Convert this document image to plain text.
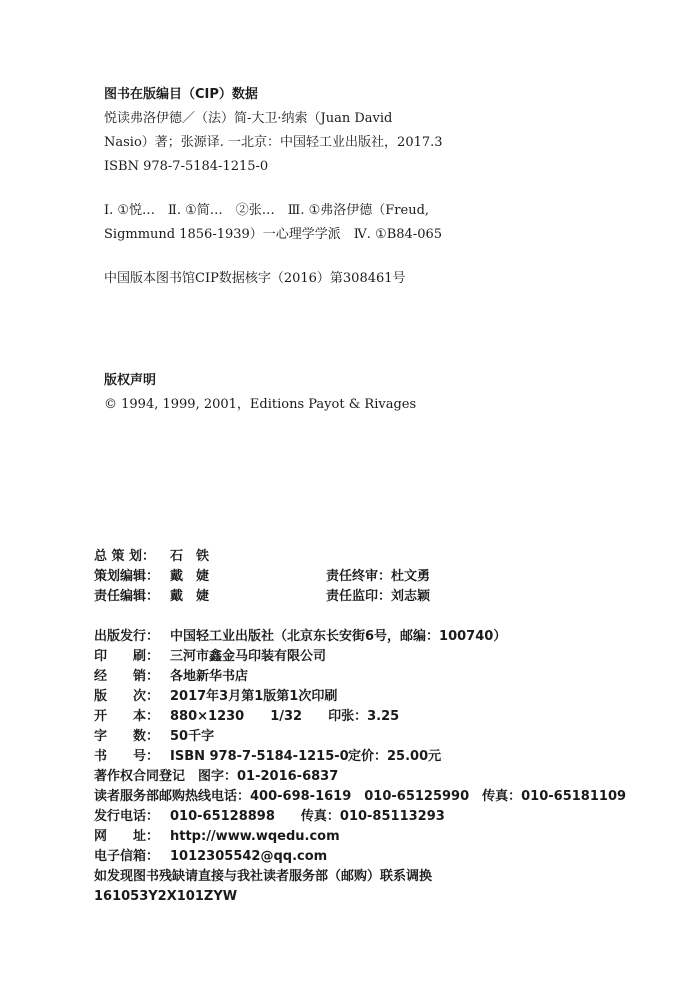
图书在版编目（CIP）数据
悦读弗洛伊德／（法）简-大卫·纳索（Juan David
Nasio）著；张源译. 一北京：中国轻工业出版社，2017.3
ISBN 978-7-5184-1215-0
Ⅰ. ①悦…　Ⅱ. ①简…　②张…　Ⅲ. ①弗洛伊德（Freud,
Sigmmund 1856-1939）一心理学学派　Ⅳ. ①B84-065
中国版本图书馆CIP数据核字（2016）第308461号
版权声明
© 1994, 1999, 2001，Editions Payot & Rivages
总 策 划： 石　铁
策划编辑： 戴　婕	责任终审：杜文勇
责任编辑： 戴　婕	责任监印：刘志颖
出版发行： 中国轻工业出版社（北京东长安街6号，邮编：100740）
印　　刷： 三河市鑫金马印装有限公司
经　　销： 各地新华书店
版　　次： 2017年3月第1版第1次印刷
开　　本： 880×1230　　1/32　　印张：3.25
字　　数： 50千字
书　　号： ISBN 978-7-5184-1215-0 定价：25.00元
著作权合同登记　图字：01-2016-6837
读者服务部邮购热线电话：400-698-1619　010-65125990　传真：010-65181109
发行电话： 010-65128898　　传真：010-85113293
网　　址： http://www.wqedu.com
电子信箱： 1012305542@qq.com
如发现图书残缺请直接与我社读者服务部（邮购）联系调换
161053Y2X101ZYW
